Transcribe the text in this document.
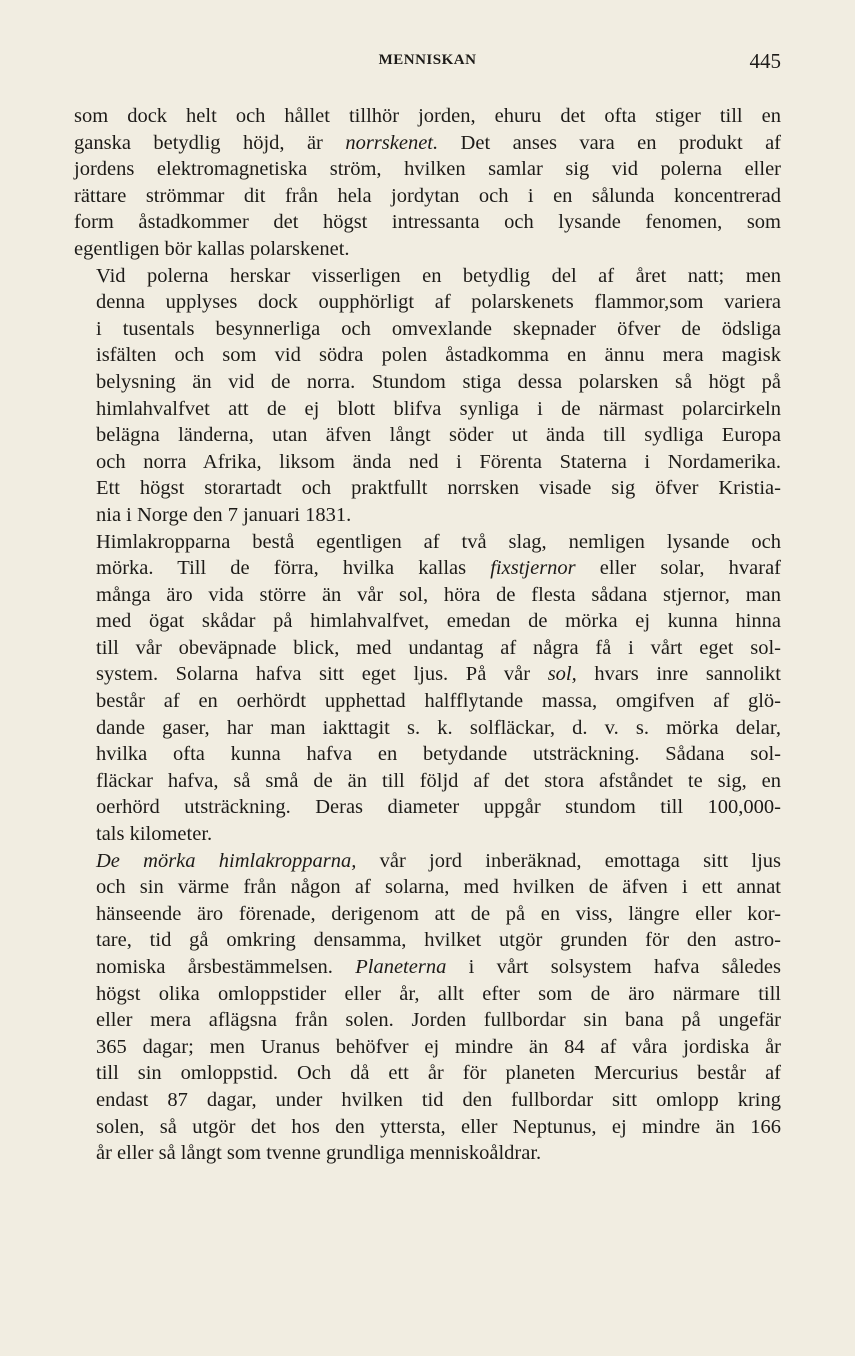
MENNISKAN	445

som dock helt och hållet tillhör jorden, ehuru det ofta stiger till en
ganska betydlig höjd, är norrskenet. Det anses vara en produkt af
jordens elektromagnetiska ström, hvilken samlar sig vid polerna eller
rättare strömmar dit från hela jordytan och i en sålunda koncentrerad
form åstadkommer det högst intressanta och lysande fenomen, som
egentligen bör kallas polarskenet.

Vid polerna herskar visserligen en betydlig del af året natt; men
denna upplyses dock oupphörligt af polarskenets flammor,som variera
i tusentals besynnerliga och omvexlande skepnader öfver de ödsliga
isfälten och som vid södra polen åstadkomma en ännu mera magisk
belysning än vid de norra. Stundom stiga dessa polarsken så högt på
himlahvalfvet att de ej blott blifva synliga i de närmast polarcirkeln
belägna länderna, utan äfven långt söder ut ända till sydliga Europa
och norra Afrika, liksom ända ned i Förenta Staterna i Nordamerika.
Ett högst storartadt och praktfullt norrsken visade sig öfver Kristia-
nia i Norge den 7 januari 1831.

Himlakropparna bestå egentligen af två slag, nemligen lysande och
mörka. Till de förra, hvilka kallas fixstjernor eller solar, hvaraf
många äro vida större än vår sol, höra de flesta sådana stjernor, man
med ögat skådar på himlahvalfvet, emedan de mörka ej kunna hinna
till vår obeväpnade blick, med undantag af några få i vårt eget sol-
system. Solarna hafva sitt eget ljus. På vår sol, hvars inre sannolikt
består af en oerhördt upphettad halfflytande massa, omgifven af glö-
dande gaser, har man iakttagit s. k. solfläckar, d. v. s. mörka delar,
hvilka ofta kunna hafva en betydande utsträckning. Sådana sol-
fläckar hafva, så små de än till följd af det stora afståndet te sig, en
oerhörd utsträckning. Deras diameter uppgår stundom till 100,000-
tals kilometer.

De mörka himlakropparna, vår jord inberäknad, emottaga sitt ljus
och sin värme från någon af solarna, med hvilken de äfven i ett annat
hänseende äro förenade, derigenom att de på en viss, längre eller kor-
tare, tid gå omkring densamma, hvilket utgör grunden för den astro-
nomiska årsbestämmelsen. Planeterna i vårt solsystem hafva således
högst olika omloppstider eller år, allt efter som de äro närmare till
eller mera aflägsna från solen. Jorden fullbordar sin bana på ungefär
365 dagar; men Uranus behöfver ej mindre än 84 af våra jordiska år
till sin omloppstid. Och då ett år för planeten Mercurius består af
endast 87 dagar, under hvilken tid den fullbordar sitt omlopp kring
solen, så utgör det hos den yttersta, eller Neptunus, ej mindre än 166
år eller så långt som tvenne grundliga menniskoåldrar.
